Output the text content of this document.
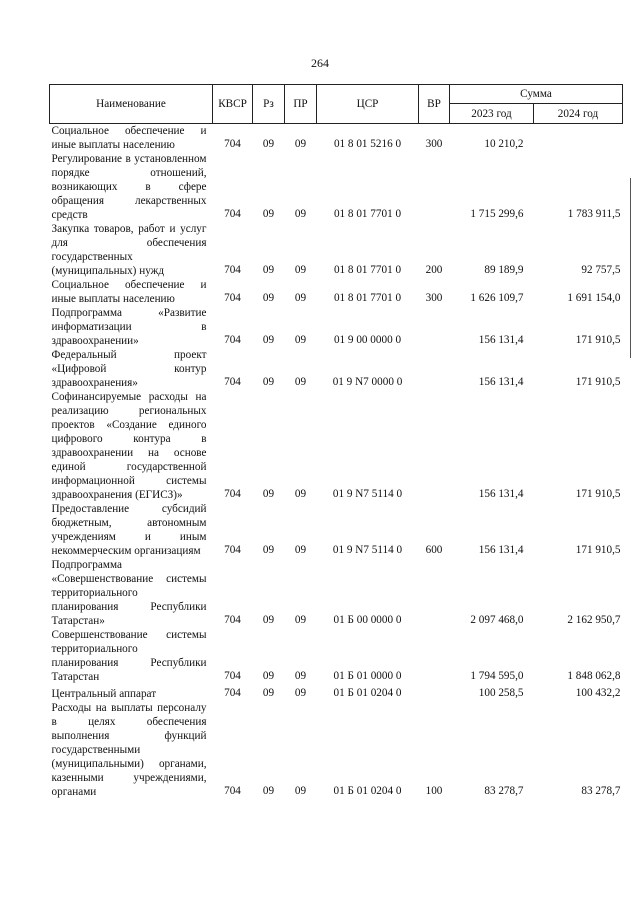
264
Наименование	КВСР	Рз	ПР	ЦСР	ВР	Сумма	
						2023 год	2024 год
Социальное обеспечение и иные выплаты населению	704	09	09	01 8 01 5216 0	300	10 210,2	
Регулирование в установленном порядке отношений, возникающих в сфере обращения лекарственных средств	704	09	09	01 8 01 7701 0		1 715 299,6	1 783 911,5
Закупка товаров, работ и услуг для обеспечения государственных (муниципальных) нужд	704	09	09	01 8 01 7701 0	200	89 189,9	92 757,5
Социальное обеспечение и иные выплаты населению	704	09	09	01 8 01 7701 0	300	1 626 109,7	1 691 154,0
Подпрограмма «Развитие информатизации в здравоохранении»	704	09	09	01 9 00 0000 0		156 131,4	171 910,5
Федеральный проект «Цифровой контур здравоохранения»	704	09	09	01 9 N7 0000 0		156 131,4	171 910,5
Софинансируемые расходы на реализацию региональных проектов «Создание единого цифрового контура в здравоохранении на основе единой государственной информационной системы здравоохранения (ЕГИСЗ)»	704	09	09	01 9 N7 5114 0		156 131,4	171 910,5
Предоставление субсидий бюджетным, автономным учреждениям и иным некоммерческим организациям	704	09	09	01 9 N7 5114 0	600	156 131,4	171 910,5
Подпрограмма «Совершенствование системы территориального планирования Республики Татарстан»	704	09	09	01 Б 00 0000 0		2 097 468,0	2 162 950,7
Совершенствование системы территориального планирования Республики Татарстан	704	09	09	01 Б 01 0000 0		1 794 595,0	1 848 062,8
Центральный аппарат	704	09	09	01 Б 01 0204 0		100 258,5	100 432,2
Расходы на выплаты персоналу в целях обеспечения выполнения функций государственными (муниципальными) органами, казенными учреждениями, органами	704	09	09	01 Б 01 0204 0	100	83 278,7	83 278,7
